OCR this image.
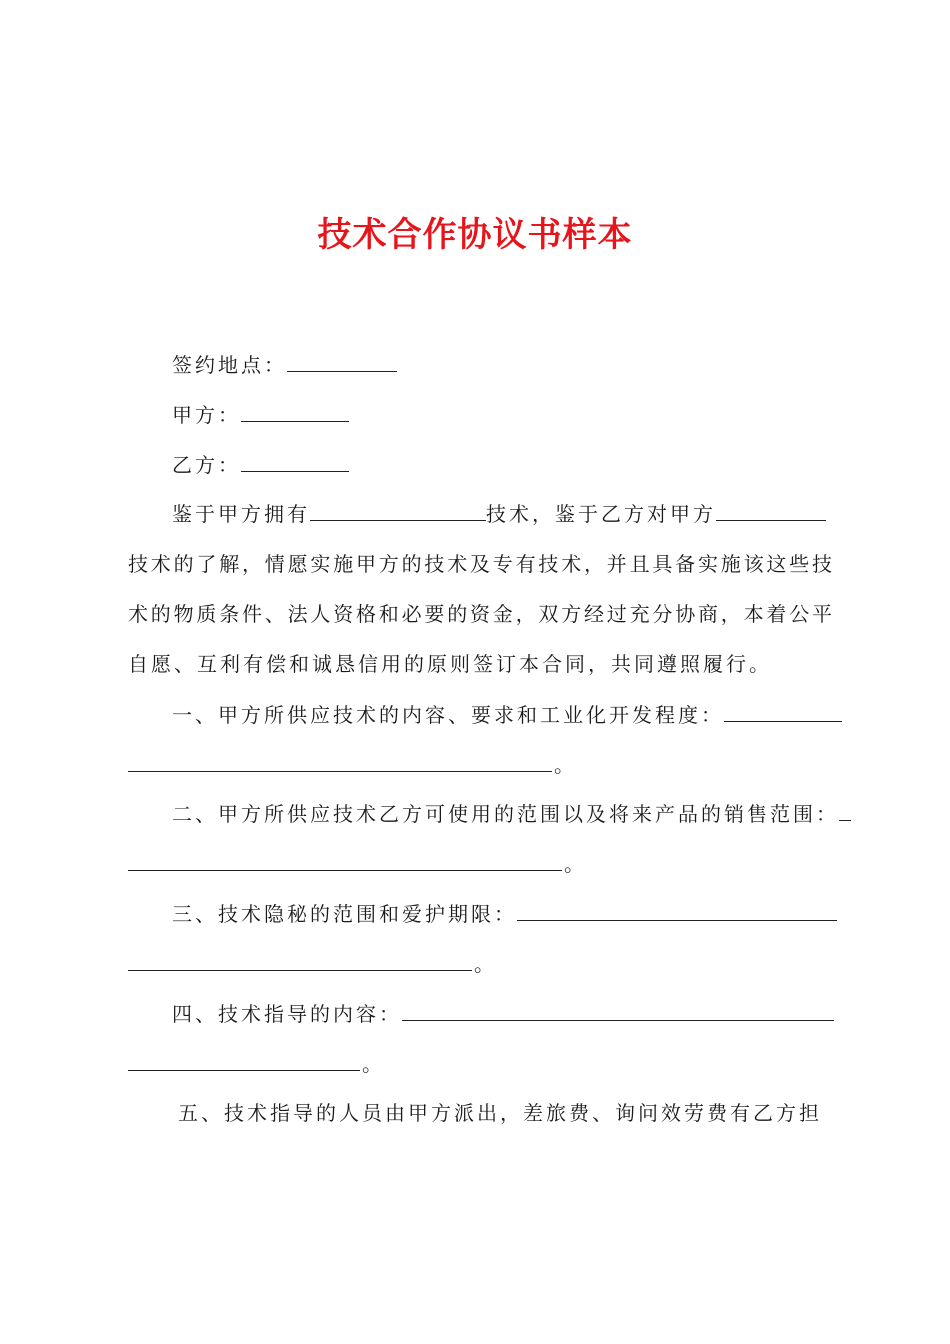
技术合作协议书样本
签约地点：
甲方：
乙方：
鉴于甲方拥有	技术，鉴于乙方对甲方
技术的了解，情愿实施甲方的技术及专有技术，并且具备实施该这些技
术的物质条件、法人资格和必要的资金，双方经过充分协商，本着公平
自愿、互利有偿和诚恳信用的原则签订本合同，共同遵照履行。
一、甲方所供应技术的内容、要求和工业化开发程度：
。
二、甲方所供应技术乙方可使用的范围以及将来产品的销售范围：
。
三、技术隐秘的范围和爱护期限：
。
四、技术指导的内容：
。
五、技术指导的人员由甲方派出，差旅费、询问效劳费有乙方担
